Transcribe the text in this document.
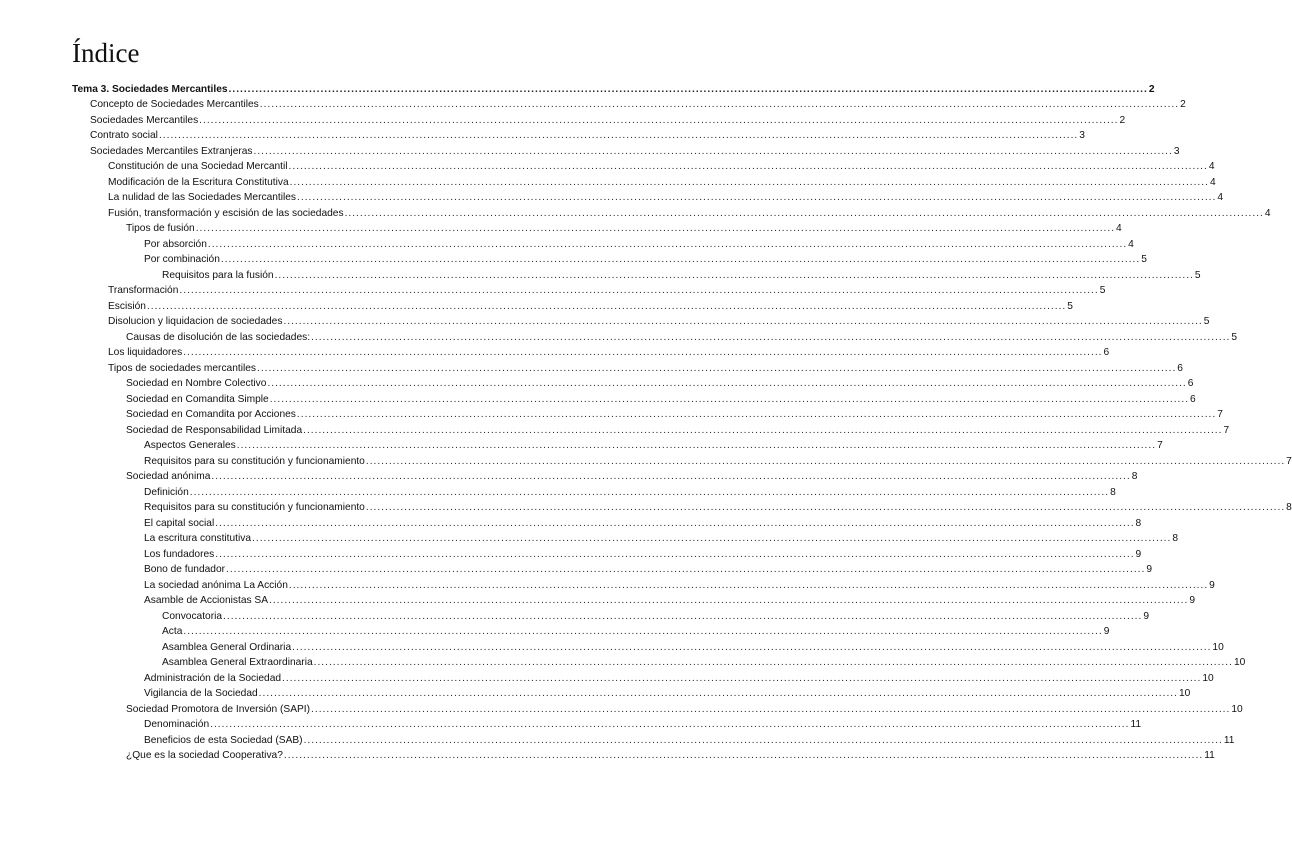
Índice
Tema 3. Sociedades Mercantiles ................................................................................................................................................................................................................................................ 2
Concepto de Sociedades Mercantiles ................................................................................................................................................................................................................................................ 2
Sociedades Mercantiles ................................................................................................................................................................................................................................................ 2
Contrato social ................................................................................................................................................................................................................................................ 3
Sociedades Mercantiles Extranjeras ................................................................................................................................................................................................................................................ 3
Constitución de una Sociedad Mercantil ................................................................................................................................................................................................................................................ 4
Modificación de la Escritura Constitutiva ................................................................................................................................................................................................................................................ 4
La nulidad de las Sociedades Mercantiles ................................................................................................................................................................................................................................................ 4
Fusión, transformación y escisión de las sociedades ................................................................................................................................................................................................................................................ 4
Tipos de fusión ................................................................................................................................................................................................................................................ 4
Por absorción ................................................................................................................................................................................................................................................ 4
Por combinación ................................................................................................................................................................................................................................................ 5
Requisitos para la fusión ................................................................................................................................................................................................................................................ 5
Transformación ................................................................................................................................................................................................................................................ 5
Escisión ................................................................................................................................................................................................................................................ 5
Disolucion y liquidacion de sociedades ................................................................................................................................................................................................................................................ 5
Causas de disolución de las sociedades: ................................................................................................................................................................................................................................................ 5
Los liquidadores ................................................................................................................................................................................................................................................ 6
Tipos de sociedades mercantiles ................................................................................................................................................................................................................................................ 6
Sociedad en Nombre Colectivo ................................................................................................................................................................................................................................................ 6
Sociedad en Comandita Simple ................................................................................................................................................................................................................................................ 6
Sociedad en Comandita por Acciones ................................................................................................................................................................................................................................................ 7
Sociedad de Responsabilidad Limitada ................................................................................................................................................................................................................................................ 7
Aspectos Generales ................................................................................................................................................................................................................................................ 7
Requisitos para su constitución y funcionamiento ................................................................................................................................................................................................................................................ 7
Sociedad anónima ................................................................................................................................................................................................................................................ 8
Definición ................................................................................................................................................................................................................................................ 8
Requisitos para su constitución y funcionamiento ................................................................................................................................................................................................................................................ 8
El capital social ................................................................................................................................................................................................................................................ 8
La escritura constitutiva ................................................................................................................................................................................................................................................ 8
Los fundadores ................................................................................................................................................................................................................................................ 9
Bono de fundador ................................................................................................................................................................................................................................................ 9
La sociedad anónima La Acción ................................................................................................................................................................................................................................................ 9
Asamble de Accionistas SA ................................................................................................................................................................................................................................................ 9
Convocatoria ................................................................................................................................................................................................................................................ 9
Acta ................................................................................................................................................................................................................................................ 9
Asamblea General Ordinaria ................................................................................................................................................................................................................................................ 10
Asamblea General Extraordinaria ................................................................................................................................................................................................................................................ 10
Administración de la Sociedad ................................................................................................................................................................................................................................................ 10
Vigilancia de la Sociedad ................................................................................................................................................................................................................................................ 10
Sociedad Promotora de Inversión (SAPI) ................................................................................................................................................................................................................................................ 10
Denominación ................................................................................................................................................................................................................................................ 11
Beneficios de esta Sociedad (SAB) ................................................................................................................................................................................................................................................ 11
¿Que es la sociedad Cooperativa? ................................................................................................................................................................................................................................................ 11
